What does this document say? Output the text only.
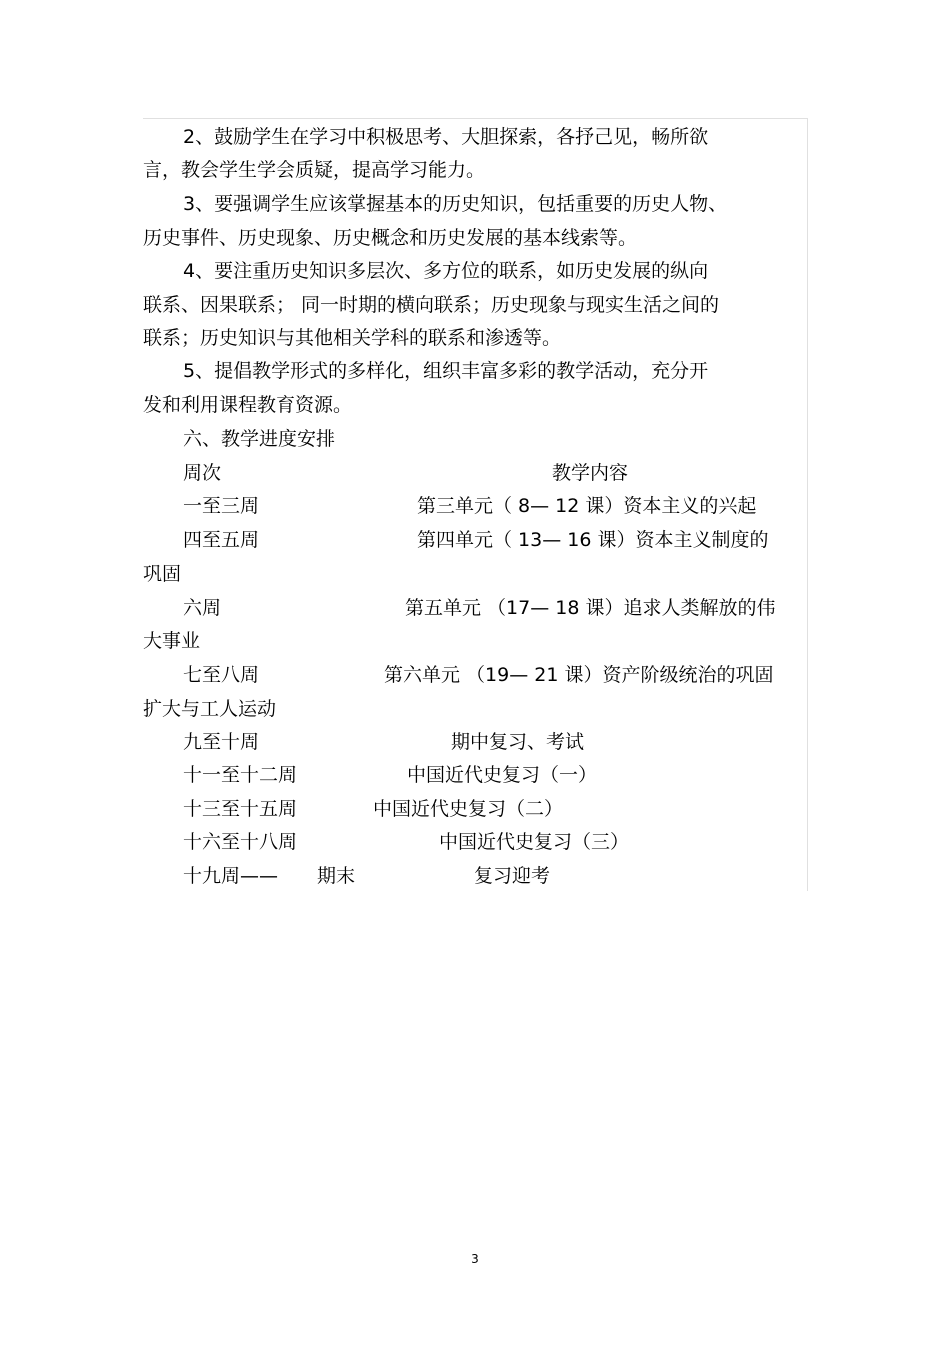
2、鼓励学生在学习中积极思考、大胆探索，各抒己见，畅所欲
言，教会学生学会质疑，提高学习能力。
3、要强调学生应该掌握基本的历史知识，包括重要的历史人物、
历史事件、历史现象、历史概念和历史发展的基本线索等。
4、要注重历史知识多层次、多方位的联系，如历史发展的纵向
联系、因果联系； 同一时期的横向联系；历史现象与现实生活之间的
联系；历史知识与其他相关学科的联系和渗透等。
5、提倡教学形式的多样化，组织丰富多彩的教学活动，充分开
发和利用课程教育资源。
六、教学进度安排
周次	教学内容
一至三周	第三单元（ 8— 12 课）资本主义的兴起
四至五周	第四单元（ 13— 16 课）资本主义制度的
巩固
六周	第五单元 （17— 18 课）追求人类解放的伟
大事业
七至八周	第六单元 （19— 21 课）资产阶级统治的巩固
扩大与工人运动
九至十周	期中复习、考试
十一至十二周	中国近代史复习（一）
十三至十五周	中国近代史复习（二）
十六至十八周	中国近代史复习（三）
十九周—— 期末	复习迎考
3
